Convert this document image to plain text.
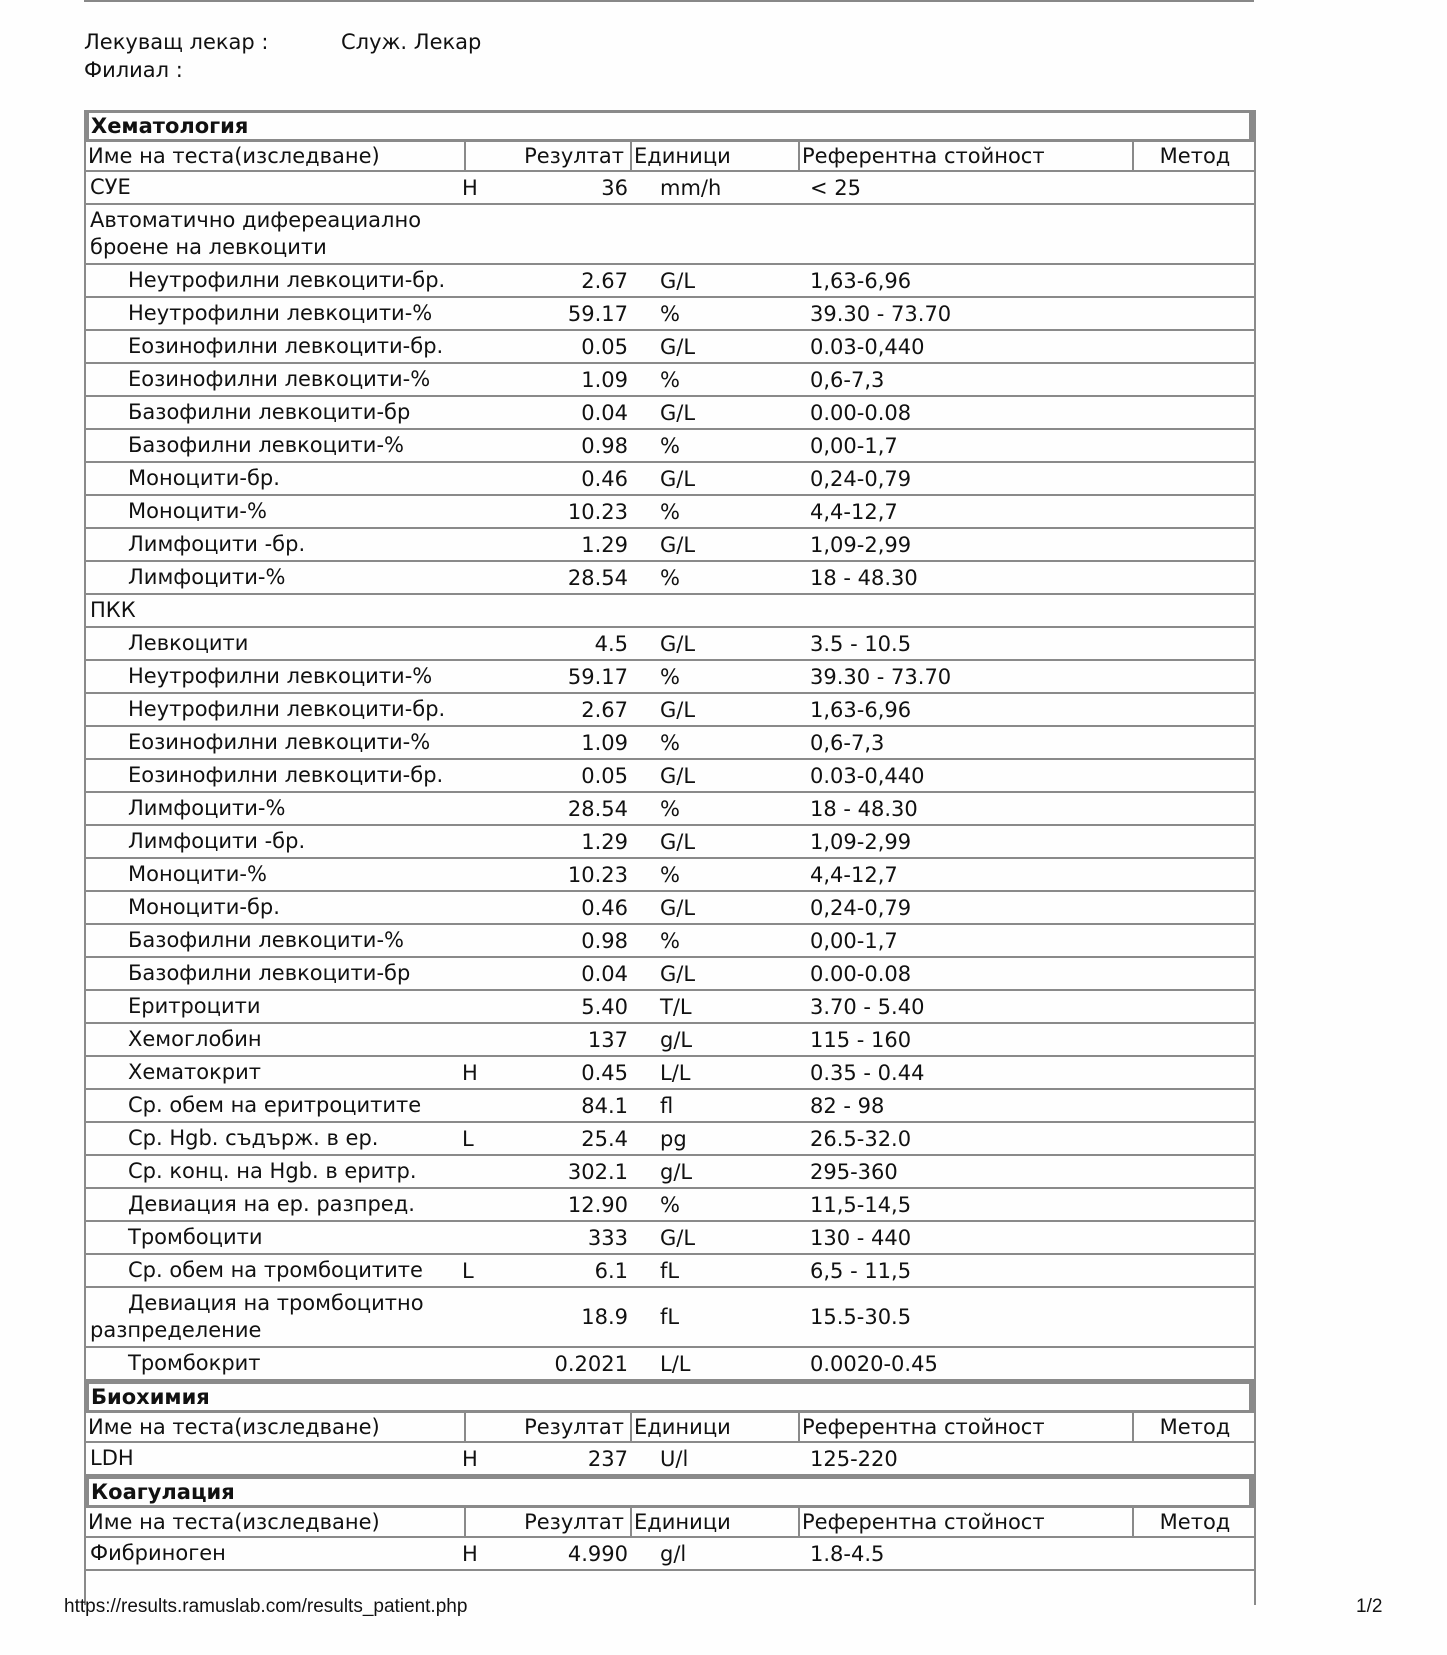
Лекуващ лекар :	Служ. Лекар
Филиал :
Хематология
Име на теста(изследване)	Резултат Единици	Референтна стойност	Метод
СУЕ	H	36	mm/h	< 25
Автоматично дифереациално
броене на левкоцити
Неутрофилни левкоцити-бр.	2.67	G/L	1,63-6,96
Неутрофилни левкоцити-%	59.17	%	39.30 - 73.70
Еозинофилни левкоцити-бр.	0.05	G/L	0.03-0,440
Еозинофилни левкоцити-%	1.09	%	0,6-7,3
Базофилни левкоцити-бр	0.04	G/L	0.00-0.08
Базофилни левкоцити-%	0.98	%	0,00-1,7
Моноцити-бр.	0.46	G/L	0,24-0,79
Моноцити-%	10.23	%	4,4-12,7
Лимфоцити -бр.	1.29	G/L	1,09-2,99
Лимфоцити-%	28.54	%	18 - 48.30
ПКК
Левкоцити	4.5	G/L	3.5 - 10.5
Неутрофилни левкоцити-%	59.17	%	39.30 - 73.70
Неутрофилни левкоцити-бр.	2.67	G/L	1,63-6,96
Еозинофилни левкоцити-%	1.09	%	0,6-7,3
Еозинофилни левкоцити-бр.	0.05	G/L	0.03-0,440
Лимфоцити-%	28.54	%	18 - 48.30
Лимфоцити -бр.	1.29	G/L	1,09-2,99
Моноцити-%	10.23	%	4,4-12,7
Моноцити-бр.	0.46	G/L	0,24-0,79
Базофилни левкоцити-%	0.98	%	0,00-1,7
Базофилни левкоцити-бр	0.04	G/L	0.00-0.08
Еритроцити	5.40	T/L	3.70 - 5.40
Хемоглобин	137	g/L	115 - 160
Хематокрит	H	0.45	L/L	0.35 - 0.44
Ср. обем на еритроцитите	84.1	fl	82 - 98
Ср. Hgb. съдърж. в ер.	L	25.4	pg	26.5-32.0
Ср. конц. на Hgb. в еритр.	302.1	g/L	295-360
Девиация на ер. разпред.	12.90	%	11,5-14,5
Тромбоцити	333	G/L	130 - 440
Ср. обем на тромбоцитите	L	6.1	fL	6,5 - 11,5
Девиация на тромбоцитно
разпределение
18.9	fL	15.5-30.5
Тромбокрит	0.2021	L/L	0.0020-0.45
Биохимия
Име на теста(изследване)	Резултат Единици	Референтна стойност	Метод
LDH	H	237	U/l	125-220
Коагулация
Име на теста(изследване)	Резултат Единици	Референтна стойност	Метод
Фибриноген	H	4.990	g/l	1.8-4.5
https://results.ramuslab.com/results_patient.php	1/2
